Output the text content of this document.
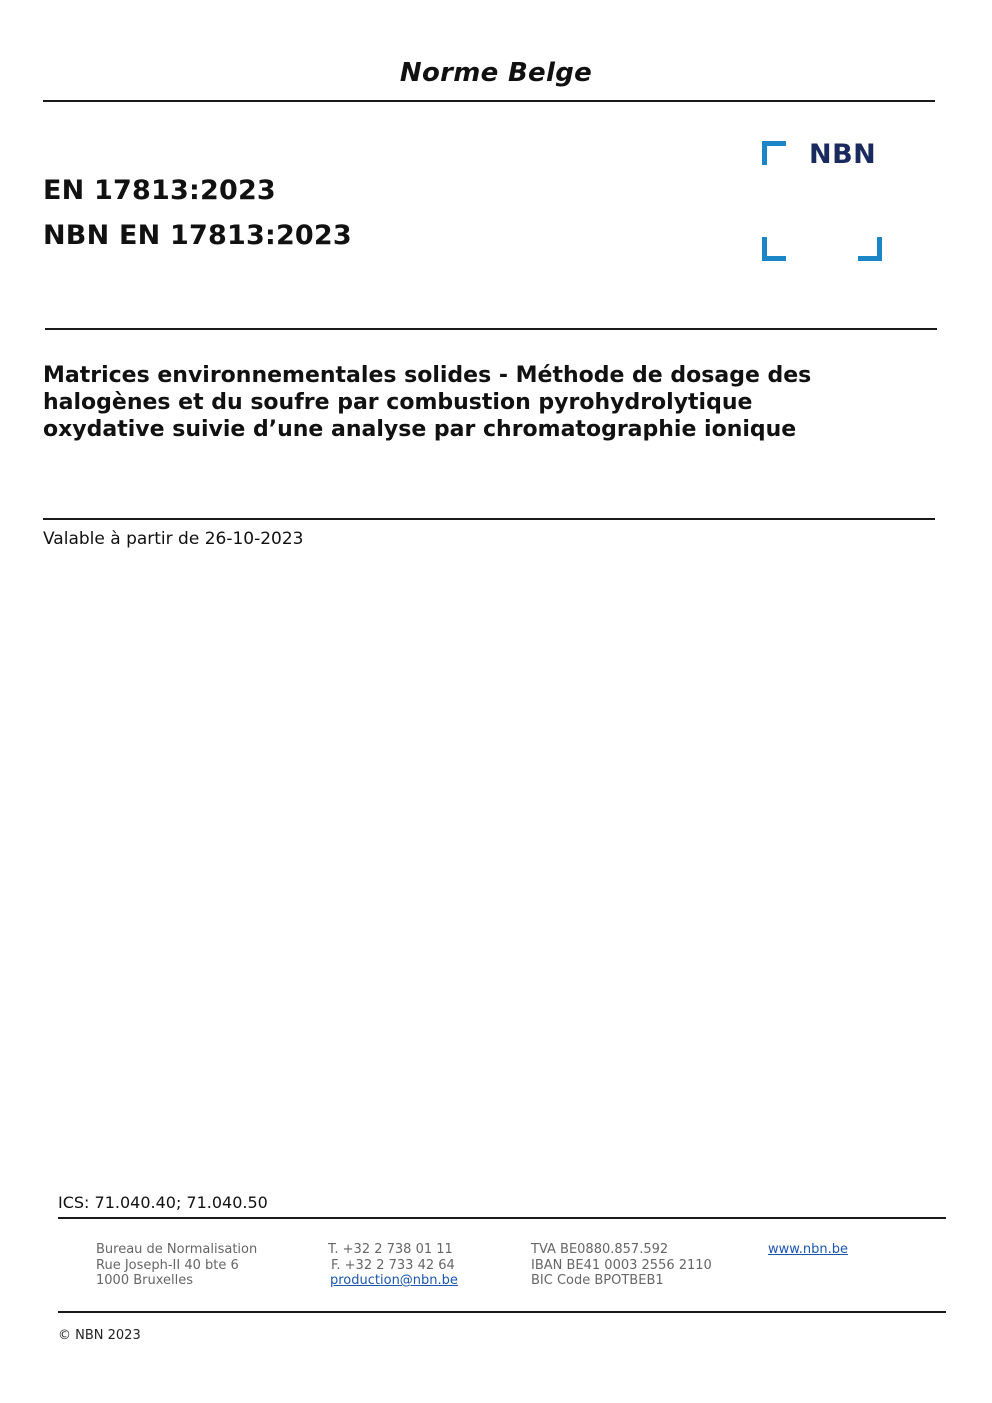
Norme Belge
EN 17813:2023
NBN EN 17813:2023
NBN
Matrices environnementales solides - Méthode de dosage des
halogènes et du soufre par combustion pyrohydrolytique
oxydative suivie d’une analyse par chromatographie ionique
Valable à partir de 26-10-2023
ICS: 71.040.40; 71.040.50
Bureau de Normalisation
Rue Joseph-II 40 bte 6
1000 Bruxelles
T. +32 2 738 01 11
F. +32 2 733 42 64
production@nbn.be
TVA BE0880.857.592
IBAN BE41 0003 2556 2110
BIC Code BPOTBEB1
www.nbn.be
© NBN 2023
